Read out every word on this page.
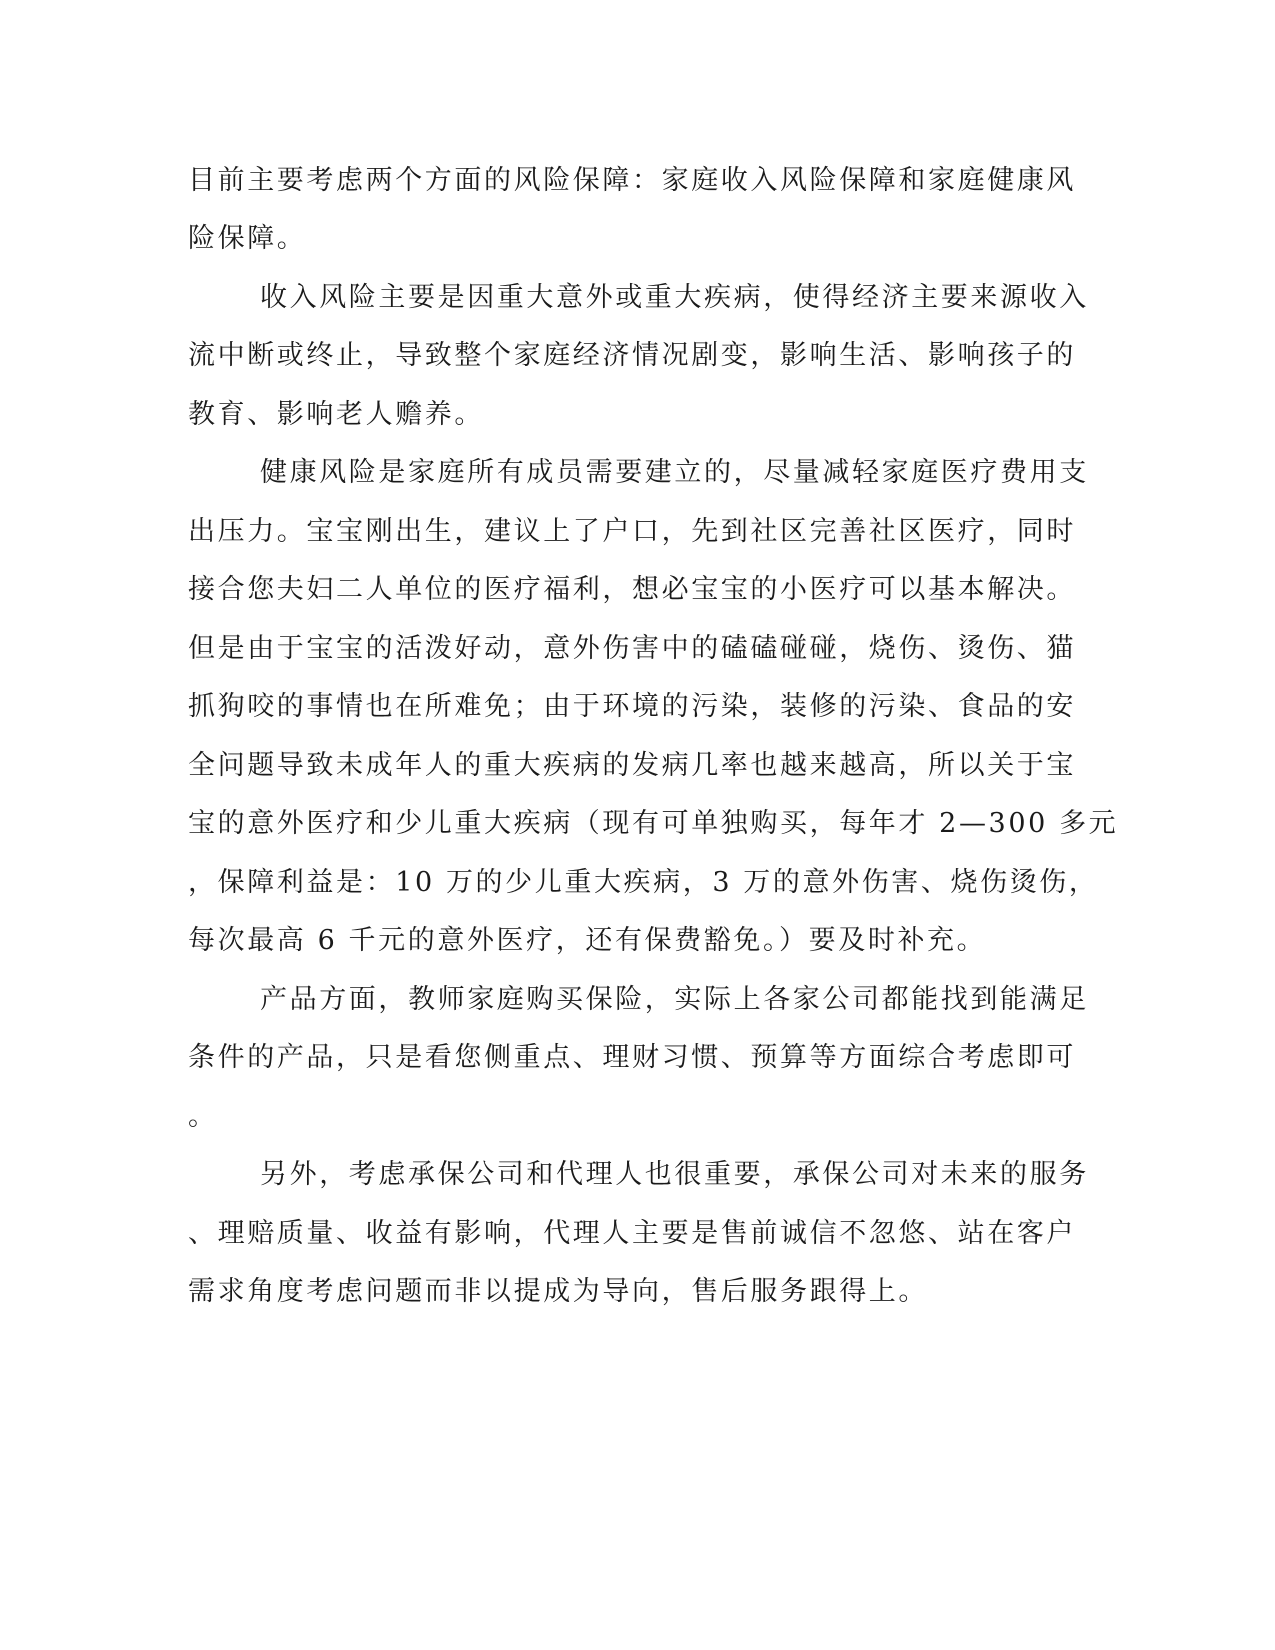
目前主要考虑两个方面的风险保障：家庭收入风险保障和家庭健康风
险保障。
收入风险主要是因重大意外或重大疾病，使得经济主要来源收入
流中断或终止，导致整个家庭经济情况剧变，影响生活、影响孩子的
教育、影响老人赡养。
健康风险是家庭所有成员需要建立的，尽量减轻家庭医疗费用支
出压力。宝宝刚出生，建议上了户口，先到社区完善社区医疗，同时
接合您夫妇二人单位的医疗福利，想必宝宝的小医疗可以基本解决。
但是由于宝宝的活泼好动，意外伤害中的磕磕碰碰，烧伤、烫伤、猫
抓狗咬的事情也在所难免；由于环境的污染，装修的污染、食品的安
全问题导致未成年人的重大疾病的发病几率也越来越高，所以关于宝
宝的意外医疗和少儿重大疾病（现有可单独购买，每年才 2—300 多元
，保障利益是：10 万的少儿重大疾病，3 万的意外伤害、烧伤烫伤，
每次最高 6 千元的意外医疗，还有保费豁免。）要及时补充。
产品方面，教师家庭购买保险，实际上各家公司都能找到能满足
条件的产品，只是看您侧重点、理财习惯、预算等方面综合考虑即可
。
另外，考虑承保公司和代理人也很重要，承保公司对未来的服务
、理赔质量、收益有影响，代理人主要是售前诚信不忽悠、站在客户
需求角度考虑问题而非以提成为导向，售后服务跟得上。
